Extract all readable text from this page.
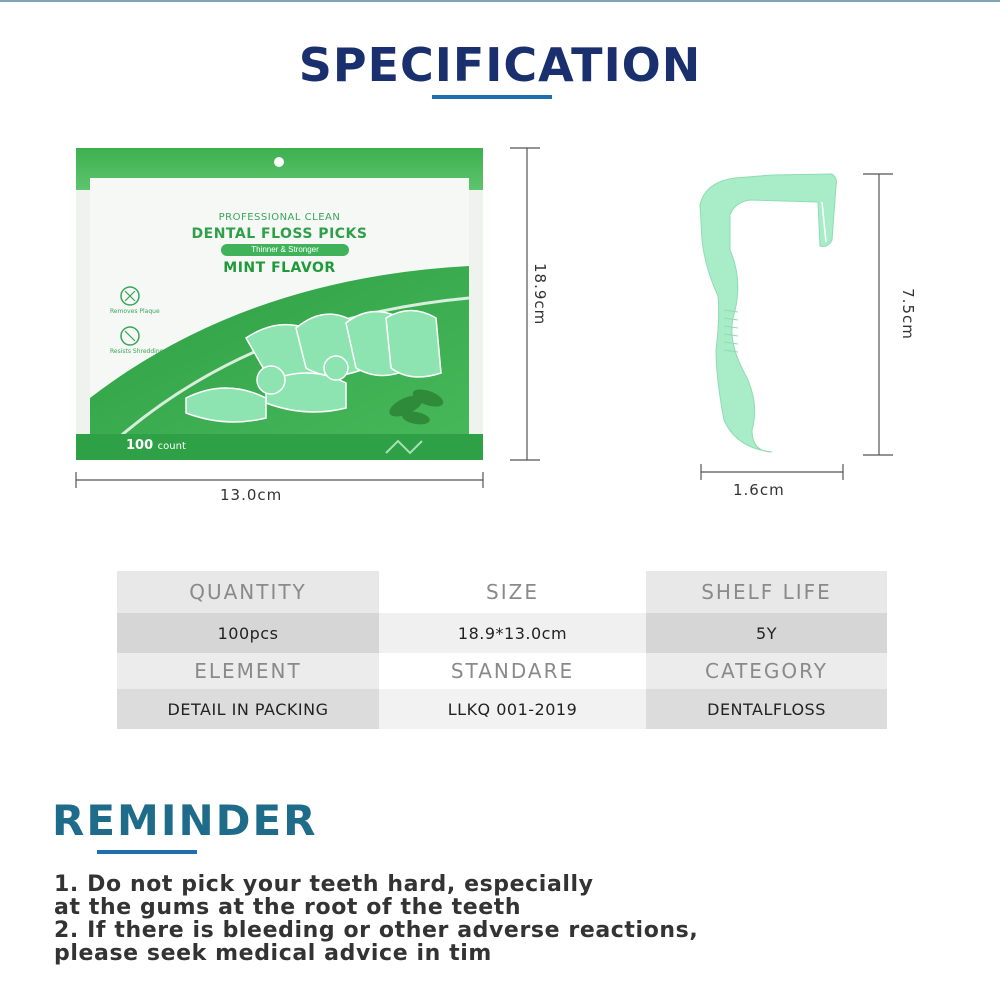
SPECIFICATION
PROFESSIONAL CLEAN
DENTAL FLOSS PICKS
Thinner & Stronger
MINT FLAVOR
Removes Plaque
Resists Shredding
100 count
18.9cm
13.0cm
7.5cm
1.6cm
QUANTITY	SIZE	SHELF LIFE
100pcs	18.9*13.0cm	5Y
ELEMENT	STANDARE	CATEGORY
DETAIL IN PACKING	LLKQ 001-2019	DENTALFLOSS
REMINDER
1. Do not pick your teeth hard, especially
at the gums at the root of the teeth
2. If there is bleeding or other adverse reactions,
please seek medical advice in tim
